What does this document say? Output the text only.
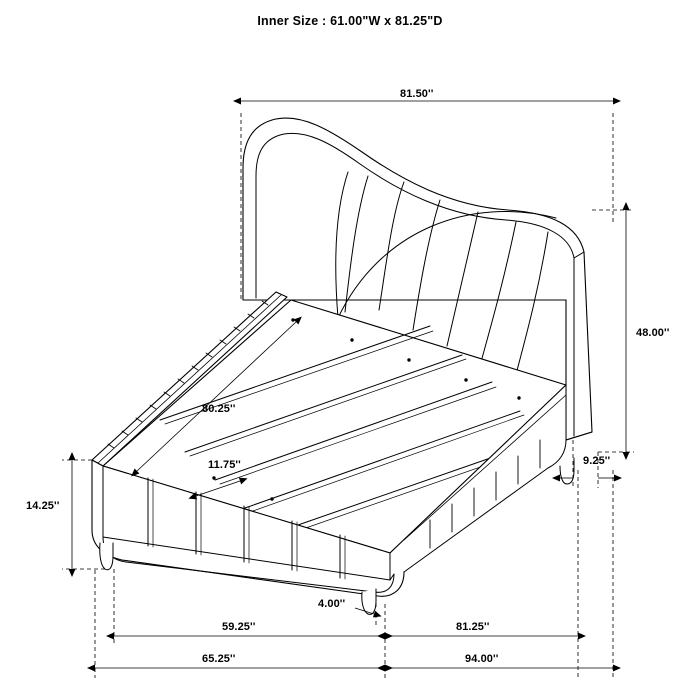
Inner Size : 61.00"W x 81.25"D
81.50''
48.00''
9.25''
80.25''
11.75''
14.25''
4.00''
59.25''	81.25''
65.25''	94.00''
